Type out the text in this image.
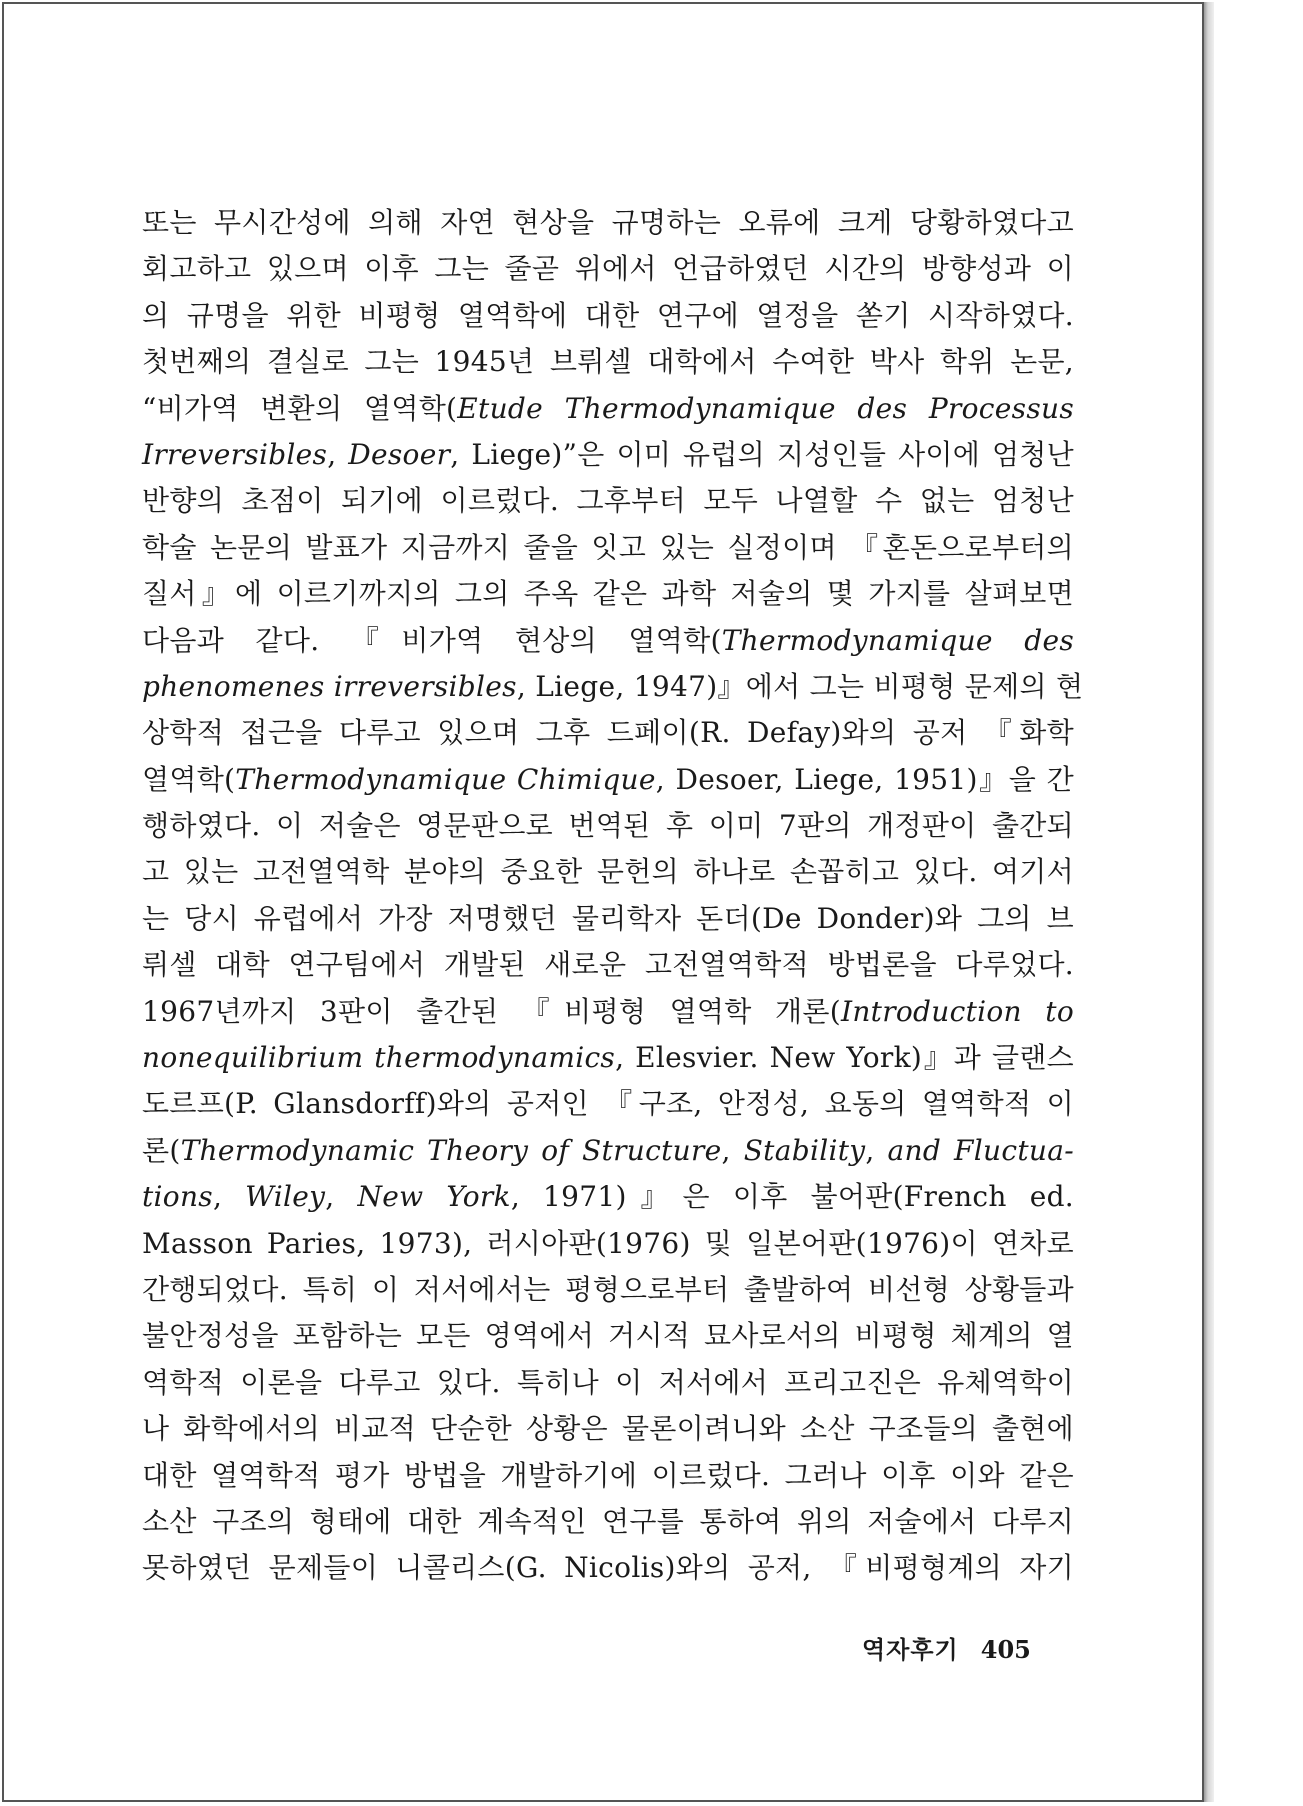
또는 무시간성에 의해 자연 현상을 규명하는 오류에 크게 당황하였다고
회고하고 있으며 이후 그는 줄곧 위에서 언급하였던 시간의 방향성과 이
의 규명을 위한 비평형 열역학에 대한 연구에 열정을 쏟기 시작하였다.
첫번째의 결실로 그는 1945년 브뤼셀 대학에서 수여한 박사 학위 논문,
“비가역 변환의 열역학(Etude Thermodynamique des Processus
Irreversibles, Desoer, Liege)”은 이미 유럽의 지성인들 사이에 엄청난
반향의 초점이 되기에 이르렀다. 그후부터 모두 나열할 수 없는 엄청난
학술 논문의 발표가 지금까지 줄을 잇고 있는 실정이며 『혼돈으로부터의
질서』에 이르기까지의 그의 주옥 같은 과학 저술의 몇 가지를 살펴보면
다음과 같다. 『비가역 현상의 열역학(Thermodynamique des
phenomenes irreversibles, Liege, 1947)』에서 그는 비평형 문제의 현
상학적 접근을 다루고 있으며 그후 드페이(R. Defay)와의 공저 『화학
열역학(Thermodynamique Chimique, Desoer, Liege, 1951)』을 간
행하였다. 이 저술은 영문판으로 번역된 후 이미 7판의 개정판이 출간되
고 있는 고전열역학 분야의 중요한 문헌의 하나로 손꼽히고 있다. 여기서
는 당시 유럽에서 가장 저명했던 물리학자 돈더(De Donder)와 그의 브
뤼셀 대학 연구팀에서 개발된 새로운 고전열역학적 방법론을 다루었다.
1967년까지 3판이 출간된 『비평형 열역학 개론(Introduction to
nonequilibrium thermodynamics, Elesvier. New York)』과 글랜스
도르프(P. Glansdorff)와의 공저인 『구조, 안정성, 요동의 열역학적 이
론(Thermodynamic Theory of Structure, Stability, and Fluctua-
tions, Wiley, New York, 1971)』은 이후 불어판(French ed.
Masson Paries, 1973), 러시아판(1976) 및 일본어판(1976)이 연차로
간행되었다. 특히 이 저서에서는 평형으로부터 출발하여 비선형 상황들과
불안정성을 포함하는 모든 영역에서 거시적 묘사로서의 비평형 체계의 열
역학적 이론을 다루고 있다. 특히나 이 저서에서 프리고진은 유체역학이
나 화학에서의 비교적 단순한 상황은 물론이려니와 소산 구조들의 출현에
대한 열역학적 평가 방법을 개발하기에 이르렀다. 그러나 이후 이와 같은
소산 구조의 형태에 대한 계속적인 연구를 통하여 위의 저술에서 다루지
못하였던 문제들이 니콜리스(G. Nicolis)와의 공저, 『비평형계의 자기
역자후기 405
